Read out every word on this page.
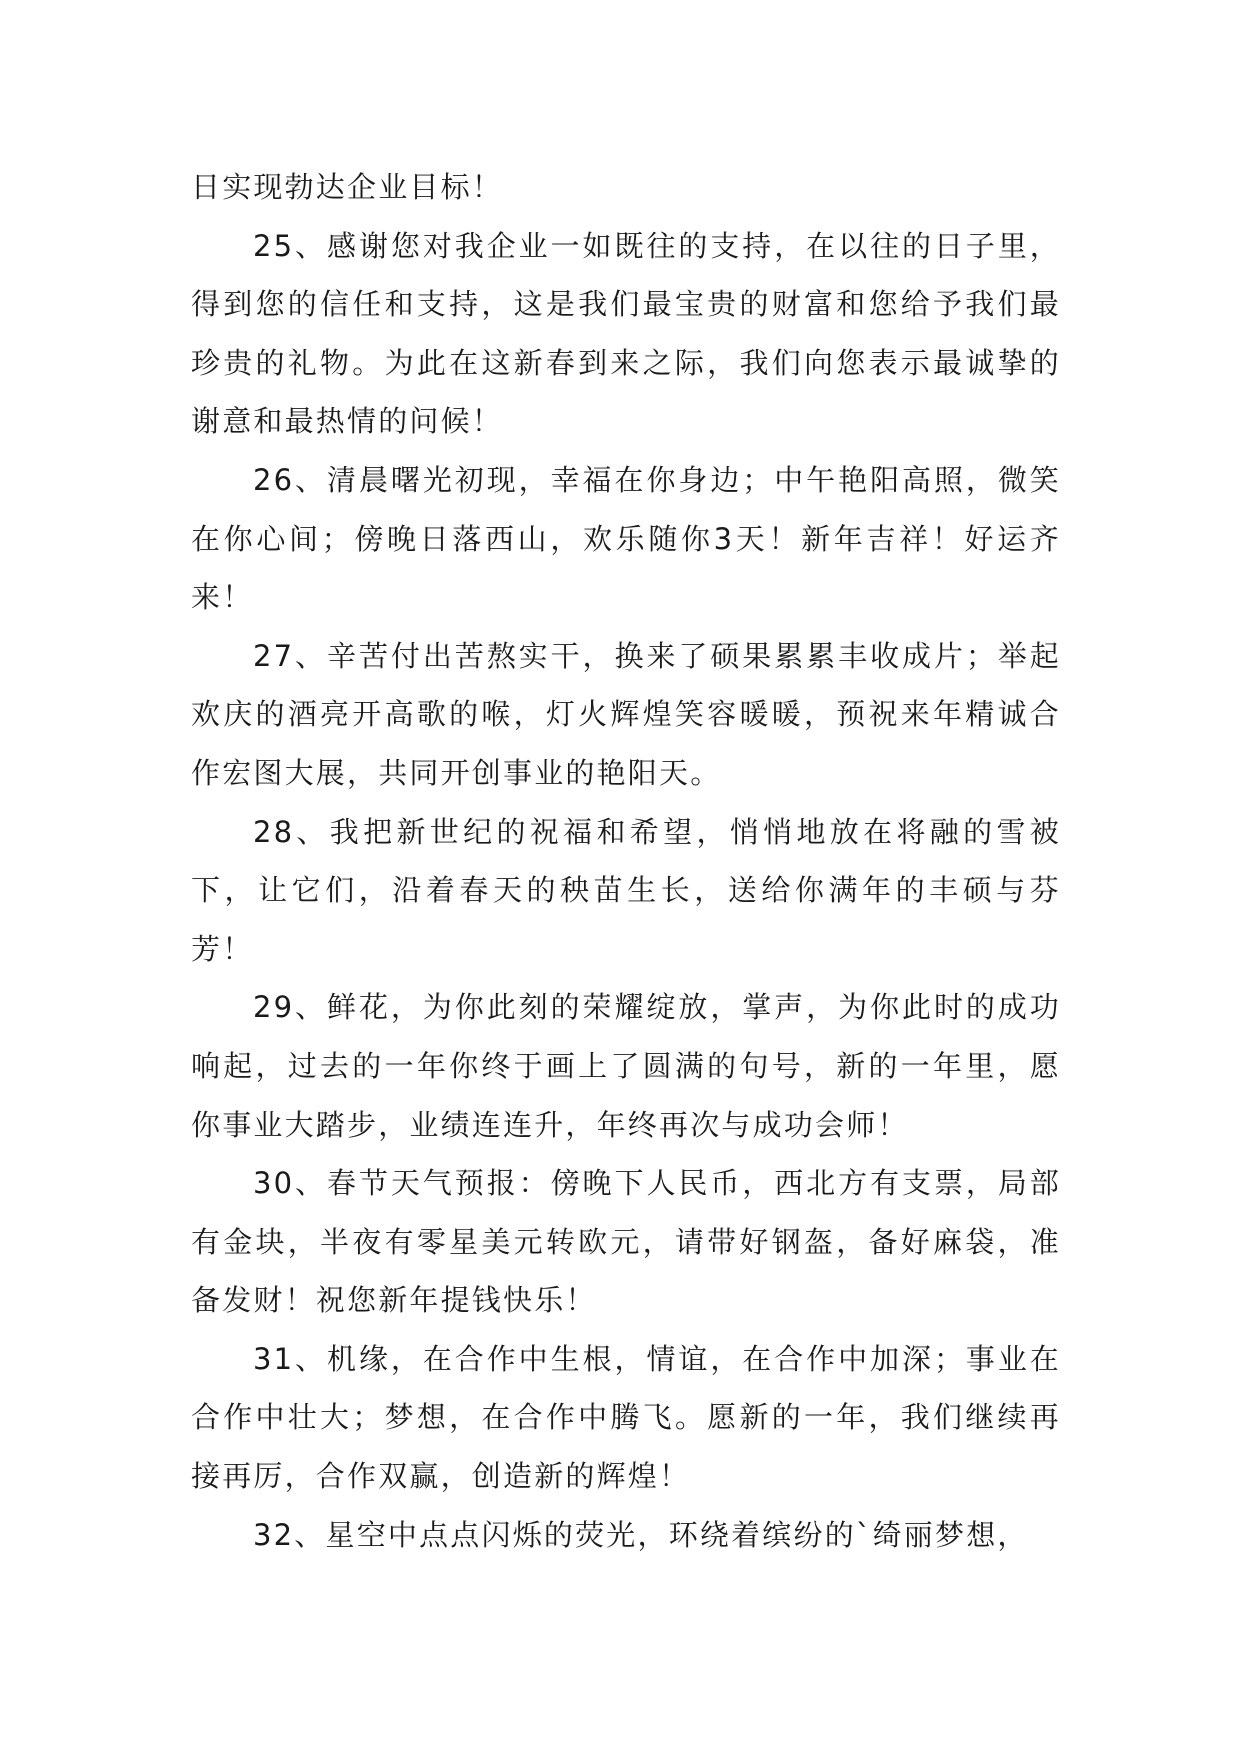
日实现勃达企业目标！

25、感谢您对我企业一如既往的支持，在以往的日子里，得到您的信任和支持，这是我们最宝贵的财富和您给予我们最珍贵的礼物。为此在这新春到来之际，我们向您表示最诚挚的谢意和最热情的问候！

26、清晨曙光初现，幸福在你身边；中午艳阳高照，微笑在你心间；傍晚日落西山，欢乐随你3天！新年吉祥！好运齐来！

27、辛苦付出苦熬实干，换来了硕果累累丰收成片；举起欢庆的酒亮开高歌的喉，灯火辉煌笑容暖暖，预祝来年精诚合作宏图大展，共同开创事业的艳阳天。

28、我把新世纪的祝福和希望，悄悄地放在将融的雪被下，让它们，沿着春天的秧苗生长，送给你满年的丰硕与芬芳！

29、鲜花，为你此刻的荣耀绽放，掌声，为你此时的成功响起，过去的一年你终于画上了圆满的句号，新的一年里，愿你事业大踏步，业绩连连升，年终再次与成功会师！

30、春节天气预报：傍晚下人民币，西北方有支票，局部有金块，半夜有零星美元转欧元，请带好钢盔，备好麻袋，准备发财！祝您新年提钱快乐！

31、机缘，在合作中生根，情谊，在合作中加深；事业在合作中壮大；梦想，在合作中腾飞。愿新的一年，我们继续再接再厉，合作双赢，创造新的辉煌！

32、星空中点点闪烁的荧光，环绕着缤纷的`绮丽梦想，
